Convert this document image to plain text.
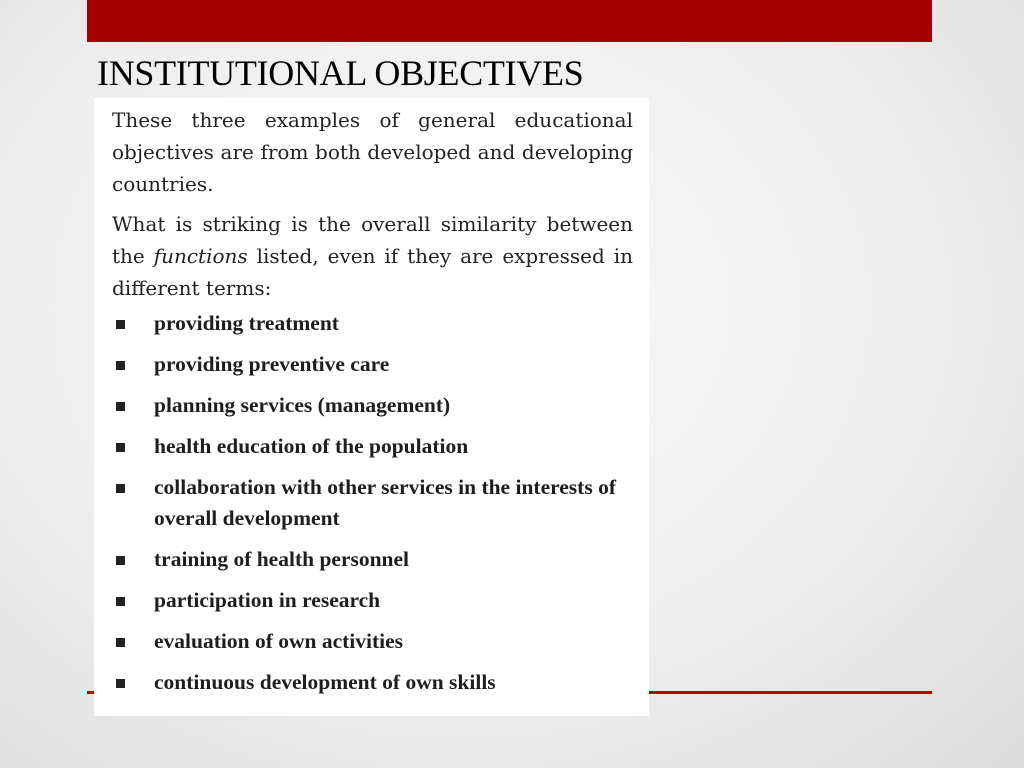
INSTITUTIONAL OBJECTIVES

These three examples of general educational objectives are from both developed and developing countries.

What is striking is the overall similarity between the functions listed, even if they are expressed in different terms:

providing treatment
providing preventive care
planning services (management)
health education of the population
collaboration with other services in the interests of overall development
training of health personnel
participation in research
evaluation of own activities
continuous development of own skills
